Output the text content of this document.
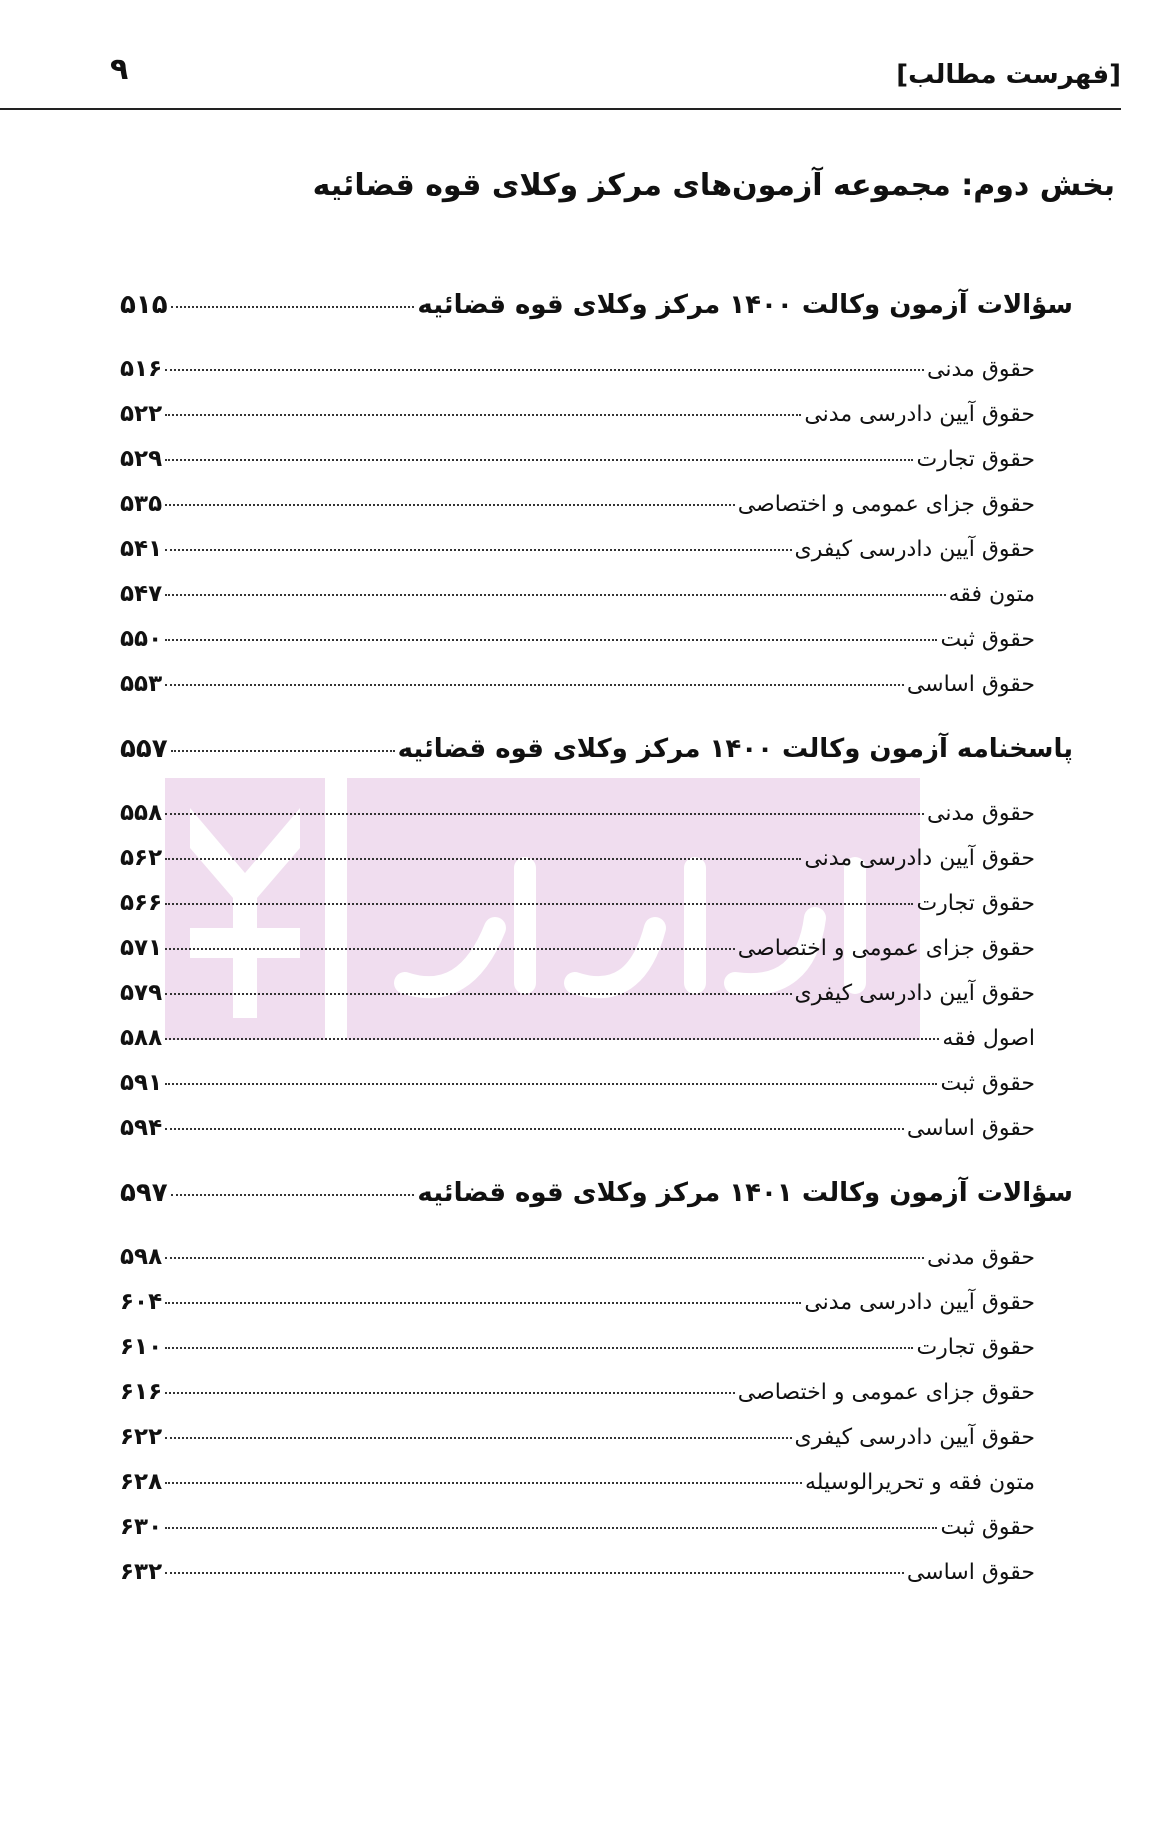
[فهرست مطالب]
۹
بخش دوم: مجموعه آزمون‌های مرکز وکلای قوه قضائیه
سؤالات آزمون وکالت ۱۴۰۰ مرکز وکلای قوه قضائیه
۵۱۵
حقوق مدنی
۵۱۶
حقوق آیین دادرسی مدنی
۵۲۲
حقوق تجارت
۵۲۹
حقوق جزای عمومی و اختصاصی
۵۳۵
حقوق آیین دادرسی کیفری
۵۴۱
متون فقه
۵۴۷
حقوق ثبت
۵۵۰
حقوق اساسی
۵۵۳
پاسخنامه آزمون وکالت ۱۴۰۰ مرکز وکلای قوه قضائیه
۵۵۷
حقوق مدنی
۵۵۸
حقوق آیین دادرسی مدنی
۵۶۲
حقوق تجارت
۵۶۶
حقوق جزای عمومی و اختصاصی
۵۷۱
حقوق آیین دادرسی کیفری
۵۷۹
اصول فقه
۵۸۸
حقوق ثبت
۵۹۱
حقوق اساسی
۵۹۴
سؤالات آزمون وکالت ۱۴۰۱ مرکز وکلای قوه قضائیه
۵۹۷
حقوق مدنی
۵۹۸
حقوق آیین دادرسی مدنی
۶۰۴
حقوق تجارت
۶۱۰
حقوق جزای عمومی و اختصاصی
۶۱۶
حقوق آیین دادرسی کیفری
۶۲۲
متون فقه و تحریرالوسیله
۶۲۸
حقوق ثبت
۶۳۰
حقوق اساسی
۶۳۲
